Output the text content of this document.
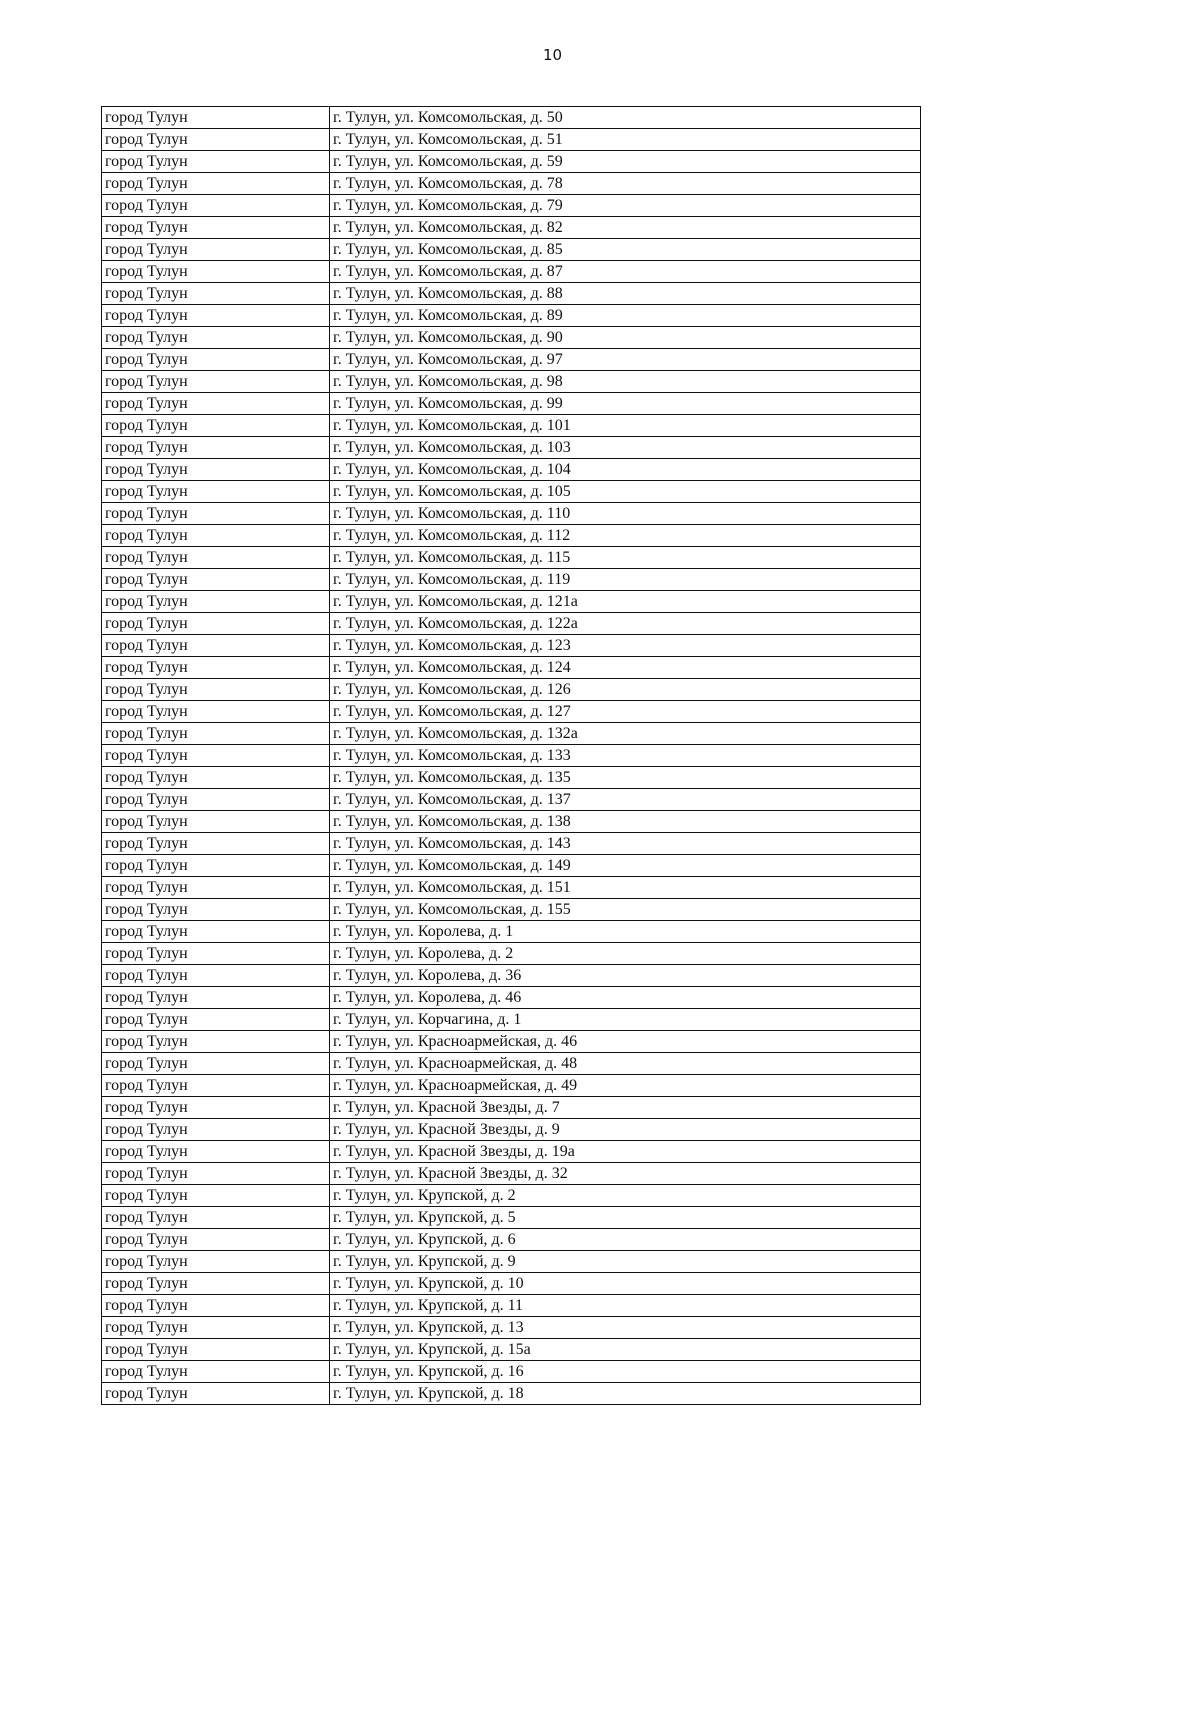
10
город Тулун	г. Тулун, ул. Комсомольская, д. 50
город Тулун	г. Тулун, ул. Комсомольская, д. 51
город Тулун	г. Тулун, ул. Комсомольская, д. 59
город Тулун	г. Тулун, ул. Комсомольская, д. 78
город Тулун	г. Тулун, ул. Комсомольская, д. 79
город Тулун	г. Тулун, ул. Комсомольская, д. 82
город Тулун	г. Тулун, ул. Комсомольская, д. 85
город Тулун	г. Тулун, ул. Комсомольская, д. 87
город Тулун	г. Тулун, ул. Комсомольская, д. 88
город Тулун	г. Тулун, ул. Комсомольская, д. 89
город Тулун	г. Тулун, ул. Комсомольская, д. 90
город Тулун	г. Тулун, ул. Комсомольская, д. 97
город Тулун	г. Тулун, ул. Комсомольская, д. 98
город Тулун	г. Тулун, ул. Комсомольская, д. 99
город Тулун	г. Тулун, ул. Комсомольская, д. 101
город Тулун	г. Тулун, ул. Комсомольская, д. 103
город Тулун	г. Тулун, ул. Комсомольская, д. 104
город Тулун	г. Тулун, ул. Комсомольская, д. 105
город Тулун	г. Тулун, ул. Комсомольская, д. 110
город Тулун	г. Тулун, ул. Комсомольская, д. 112
город Тулун	г. Тулун, ул. Комсомольская, д. 115
город Тулун	г. Тулун, ул. Комсомольская, д. 119
город Тулун	г. Тулун, ул. Комсомольская, д. 121а
город Тулун	г. Тулун, ул. Комсомольская, д. 122а
город Тулун	г. Тулун, ул. Комсомольская, д. 123
город Тулун	г. Тулун, ул. Комсомольская, д. 124
город Тулун	г. Тулун, ул. Комсомольская, д. 126
город Тулун	г. Тулун, ул. Комсомольская, д. 127
город Тулун	г. Тулун, ул. Комсомольская, д. 132а
город Тулун	г. Тулун, ул. Комсомольская, д. 133
город Тулун	г. Тулун, ул. Комсомольская, д. 135
город Тулун	г. Тулун, ул. Комсомольская, д. 137
город Тулун	г. Тулун, ул. Комсомольская, д. 138
город Тулун	г. Тулун, ул. Комсомольская, д. 143
город Тулун	г. Тулун, ул. Комсомольская, д. 149
город Тулун	г. Тулун, ул. Комсомольская, д. 151
город Тулун	г. Тулун, ул. Комсомольская, д. 155
город Тулун	г. Тулун, ул. Королева, д. 1
город Тулун	г. Тулун, ул. Королева, д. 2
город Тулун	г. Тулун, ул. Королева, д. 36
город Тулун	г. Тулун, ул. Королева, д. 46
город Тулун	г. Тулун, ул. Корчагина, д. 1
город Тулун	г. Тулун, ул. Красноармейская, д. 46
город Тулун	г. Тулун, ул. Красноармейская, д. 48
город Тулун	г. Тулун, ул. Красноармейская, д. 49
город Тулун	г. Тулун, ул. Красной Звезды, д. 7
город Тулун	г. Тулун, ул. Красной Звезды, д. 9
город Тулун	г. Тулун, ул. Красной Звезды, д. 19а
город Тулун	г. Тулун, ул. Красной Звезды, д. 32
город Тулун	г. Тулун, ул. Крупской, д. 2
город Тулун	г. Тулун, ул. Крупской, д. 5
город Тулун	г. Тулун, ул. Крупской, д. 6
город Тулун	г. Тулун, ул. Крупской, д. 9
город Тулун	г. Тулун, ул. Крупской, д. 10
город Тулун	г. Тулун, ул. Крупской, д. 11
город Тулун	г. Тулун, ул. Крупской, д. 13
город Тулун	г. Тулун, ул. Крупской, д. 15а
город Тулун	г. Тулун, ул. Крупской, д. 16
город Тулун	г. Тулун, ул. Крупской, д. 18
